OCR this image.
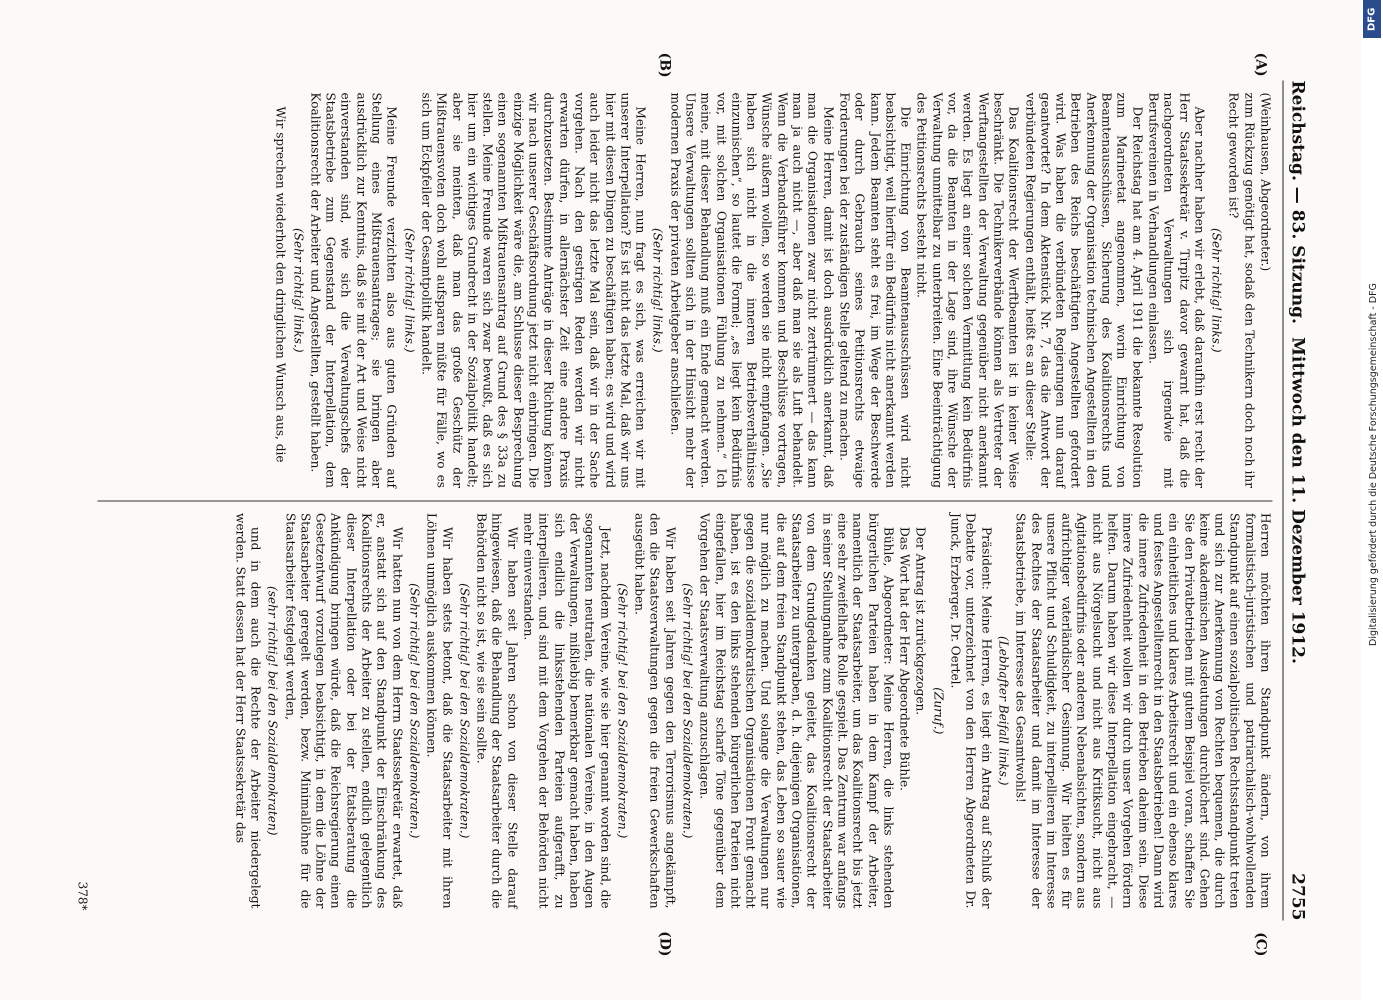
Reichstag. — 83. Sitzung.
Mittwoch den 11. Dezember 1912.
2755
(A)
(B)
(C)
(D)

(Weinhausen, Abgeordneter.)

zum Rückzug genötigt hat, sodaß den Technikern doch noch ihr Recht geworden ist?

(Sehr richtig! links.)

Aber nachher haben wir erlebt, daß daraufhin erst recht der Herr Staatssekretär v. Tirpitz davor gewarnt hat, daß die nachgeordneten Verwaltungen sich irgendwie mit Berufsvereinen in Verhandlungen einlassen.

Der Reichstag hat am 4. April 1911 die bekannte Resolution zum Marineetat angenommen, worin Einrichtung von Beamtenausschüssen, Sicherung des Koalitionsrechts und Anerkennung der Organisation technischen Angestellten in den Betrieben des Reichs beschäftigten Angestellten gefordert wird. Was haben die verbündeten Regierungen nun darauf geantwortet? In dem Aktenstück Nr. 7, das die Antwort der verbündeten Regierungen enthält, heißt es an dieser Stelle:

Das Koalitionsrecht der Werftbeamten ist in keiner Weise beschränkt. Die Technikerverbände können als Vertreter der Werftangestellten der Verwaltung gegenüber nicht anerkannt werden. Es liegt an einer solchen Vermittlung kein Bedürfnis vor, da die Beamten in der Lage sind, ihre Wünsche der Verwaltung unmittelbar zu unterbreiten. Eine Beeinträchtigung des Petitionsrechts besteht nicht.

Die Einrichtung von Beamtenausschüssen wird nicht beabsichtigt, weil hierfür ein Bedürfnis nicht anerkannt werden kann. Jedem Beamten steht es frei, im Wege der Beschwerde oder durch Gebrauch seines Petitionsrechts etwaige Forderungen bei der zuständigen Stelle geltend zu machen.

Meine Herren, damit ist doch ausdrücklich anerkannt, daß man die Organisationen zwar nicht zertrümmert — das kann man ja auch nicht —, aber daß man sie als Luft behandelt. Wenn die Verbandsführer kommen und Beschlüsse vortragen, Wünsche äußern wollen, so werden sie nicht empfangen. „Sie haben sich nicht in die inneren Betriebsverhältnisse einzumischen“, so lautet die Formel; „es liegt kein Bedürfnis vor, mit solchen Organisationen Fühlung zu nehmen.“ Ich meine, mit dieser Behandlung muß ein Ende gemacht werden. Unsere Verwaltungen sollten sich in der Hinsicht mehr der modernen Praxis der privaten Arbeitgeber anschließen.

(Sehr richtig! links.)

Meine Herren, nun fragt es sich, was erreichen wir mit unserer Interpellation? Es ist nicht das letzte Mal, daß wir uns hier mit diesen Dingen zu beschäftigen haben; es wird und wird auch leider nicht das letzte Mal sein, daß wir in der Sache vorgehen. Nach den gestrigen Reden werden wir nicht erwarten dürfen, in allernächster Zeit eine andere Praxis durchzusetzen. Bestimmte Anträge in dieser Richtung können wir nach unserer Geschäftsordnung jetzt nicht einbringen. Die einzige Möglichkeit wäre die, am Schlusse dieser Besprechung einen sogenannten Mißtrauensantrag auf Grund des § 33a zu stellen. Meine Freunde waren sich zwar bewußt, daß es sich hier um ein wichtiges Grundrecht in der Sozialpolitik handelt; aber sie meinten, daß man das große Geschütz der Mißtrauensvoten doch wohl aufsparen müßte für Fälle, wo es sich um Eckpfeiler der Gesamtpolitik handelt.

(Sehr richtig! links.)

Meine Freunde verzichten also aus guten Gründen auf Stellung eines Mißtrauensantrages; sie bringen aber ausdrücklich zur Kenntnis, daß sie mit der Art und Weise nicht einverstanden sind, wie sich die Verwaltungschefs der Staatsbetriebe zum Gegenstand der Interpellation, dem Koalitionsrecht der Arbeiter und Angestellten, gestellt haben.

(Sehr richtig! links.)

Wir sprechen wiederholt den dringlichen Wunsch aus, die

Herren möchten ihren Standpunkt ändern, von ihrem formalistisch-juristischen und patriarchalisch-wohlwollenden Standpunkt auf einen sozialpolitischen Rechtsstandpunkt treten und sich zur Anerkennung von Rechten bequemen, die durch keine akademischen Ausdeutungen durchlöchert sind. Gehen Sie den Privatbetrieben mit gutem Beispiel voran, schaffen Sie ein einheitliches und klares Arbeitsrecht und ein ebenso klares und festes Angestelltenrecht in den Staatsbetrieben! Dann wird die innere Zufriedenheit in den Betrieben daheim sein. Diese innere Zufriedenheit wollen wir durch unser Vorgehen fördern helfen. Darum haben wir diese Interpellation eingebracht, — nicht aus Nörgelsucht und nicht aus Kritiksucht, nicht aus Agitationsbedürfnis oder anderen Nebenabsichten, sondern aus aufrichtiger vaterländischer Gesinnung. Wir hielten es für unsere Pflicht und Schuldigkeit, zu interpellieren im Interesse des Rechtes der Staatsarbeiter und damit im Interesse der Staatsbetriebe, im Interesse des Gesamtwohls!

(Lebhafter Beifall links.)

Präsident: Meine Herren, es liegt ein Antrag auf Schluß der Debatte vor, unterzeichnet von den Herren Abgeordneten Dr. Junck, Erzberger, Dr. Oertel.

(Zuruf.)

Der Antrag ist zurückgezogen.

Das Wort hat der Herr Abgeordnete Bühle.

Bühle, Abgeordneter: Meine Herren, die links stehenden bürgerlichen Parteien haben in dem Kampf der Arbeiter, namentlich der Staatsarbeiter, um das Koalitionsrecht bis jetzt eine sehr zweifelhafte Rolle gespielt. Das Zentrum war anfangs in seiner Stellungnahme zum Koalitionsrecht der Staatsarbeiter von dem Grundgedanken geleitet, das Koalitionsrecht der Staatsarbeiter zu untergraben, d. h. diejenigen Organisationen, die auf dem freien Standpunkt stehen, das Leben so sauer wie nur möglich zu machen. Und solange die Verwaltungen nur gegen die sozialdemokratischen Organisationen Front gemacht haben, ist es den links stehenden bürgerlichen Parteien nicht eingefallen, hier im Reichstag scharfe Töne gegenüber dem Vorgehen der Staatsverwaltung anzuschlagen.

(Sehr richtig! bei den Sozialdemokraten.)

Wir haben seit Jahren gegen den Terrorismus angekämpft, den die Staatsverwaltungen gegen die freien Gewerkschaften ausgeübt haben.

(Sehr richtig! bei den Sozialdemokraten.)

Jetzt, nachdem Vereine, wie sie hier genannt worden sind, die sogenannten neutralen, die nationalen Vereine, in den Augen der Verwaltungen, mißliebig bemerkbar gemacht haben, haben sich endlich die linksstehenden Parteien aufgerafft, zu interpellieren, und sind mit dem Vorgehen der Behörden nicht mehr einverstanden.

Wir haben seit Jahren schon von dieser Stelle darauf hingewiesen, daß die Behandlung der Staatsarbeiter durch die Behörden nicht so ist, wie sie sein sollte.

(Sehr richtig! bei den Sozialdemokraten.)

Wir haben stets betont, daß die Staatsarbeiter mit ihren Löhnen unmöglich auskommen können.

(Sehr richtig! bei den Sozialdemokraten.)

Wir hatten nun von dem Herrn Staatssekretär erwartet, daß er, anstatt sich auf den Standpunkt der Einschränkung des Koalitionsrechts der Arbeiter zu stellen, endlich gelegentlich dieser Interpellation oder bei der Etatsberatung die Ankündigung bringen würde, daß die Reichsregierung einen Gesetzentwurf vorzulegen beabsichtigt, in dem die Löhne der Staatsarbeiter geregelt werden, bezw. Minimallöhne für die Staatsarbeiter festgelegt werden,

(sehr richtig! bei den Sozialdemokraten)

und in dem auch die Rechte der Arbeiter niedergelegt werden. Statt dessen hat der Herr Staatssekretär das

378*
DFG
Digitalisierung gefördert durch die Deutsche Forschungsgemeinschaft - DFG
